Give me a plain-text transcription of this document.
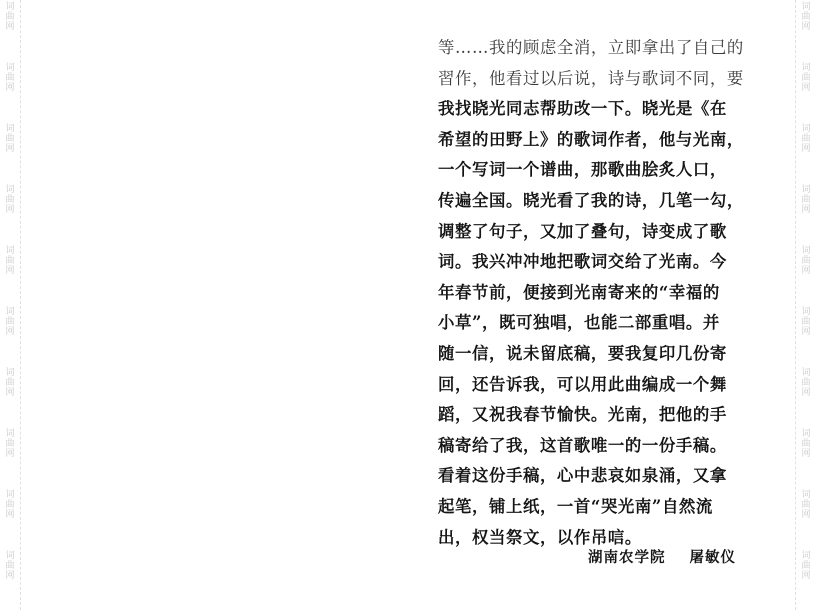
词
曲
网
词
曲
网
词
曲
网
词
曲
网
词
曲
网
词
曲
网
词
曲
网
词
曲
网
词
曲
网
词
曲
网
词
曲
网
词
曲
网
词
曲
网
词
曲
网
词
曲
网
词
曲
网
词
曲
网
词
曲
网
词
曲
网
词
曲
网
等……我的顾虑全消，立即拿出了自己的
習作，他看过以后说，诗与歌词不同，要
我找晓光同志帮助改一下。晓光是《在
希望的田野上》的歌词作者，他与光南，
一个写词一个谱曲，那歌曲脍炙人口，
传遍全国。晓光看了我的诗，几笔一勾，
调整了句子，又加了叠句，诗变成了歌
词。我兴冲冲地把歌词交给了光南。今
年春节前，便接到光南寄来的“幸福的
小草”，既可独唱，也能二部重唱。并
随一信，说未留底稿，要我复印几份寄
回，还告诉我，可以用此曲编成一个舞
蹈，又祝我春节愉快。光南，把他的手
稿寄给了我，这首歌唯一的一份手稿。
看着这份手稿，心中悲哀如泉涌，又拿
起笔，铺上纸，一首“哭光南”自然流
出，权当祭文，以作吊唁。
湖南农学院 屠敏仪
